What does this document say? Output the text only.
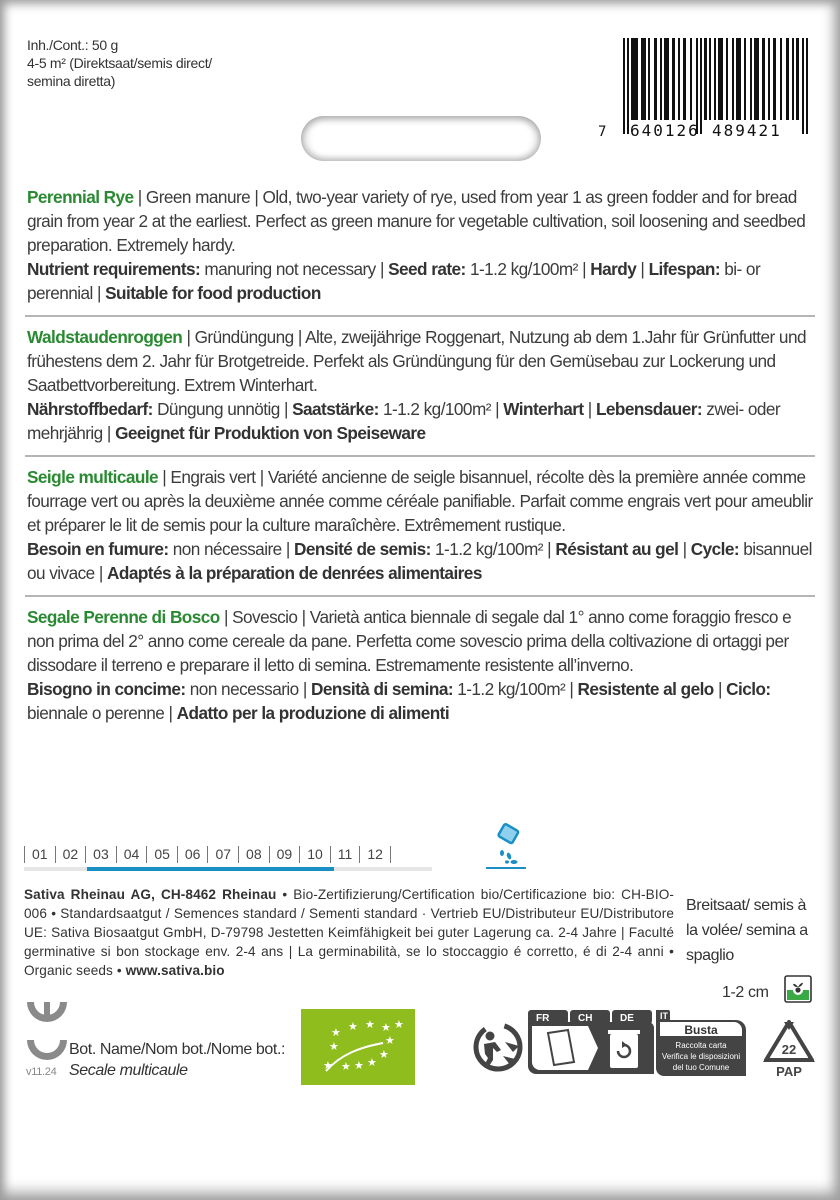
Inh./Cont.: 50 g
4-5 m² (Direktsaat/semis direct/
semina diretta)
7 640126 489421
Perennial Rye | Green manure | Old, two-year variety of rye, used from year 1 as green fodder and for bread grain from year 2 at the earliest. Perfect as green manure for vegetable cultivation, soil loosening and seedbed preparation. Extremely hardy.
Nutrient requirements: manuring not necessary | Seed rate: 1-1.2 kg/100m² | Hardy | Lifespan: bi- or perennial | Suitable for food production
Waldstaudenroggen | Gründüngung | Alte, zweijährige Roggenart, Nutzung ab dem 1.Jahr für Grünfutter und frühestens dem 2. Jahr für Brotgetreide. Perfekt als Gründüngung für den Gemüsebau zur Lockerung und Saatbettvorbereitung. Extrem Winterhart.
Nährstoffbedarf: Düngung unnötig | Saatstärke: 1-1.2 kg/100m² | Winterhart | Lebensdauer: zwei- oder mehrjährig | Geeignet für Produktion von Speiseware
Seigle multicaule | Engrais vert | Variété ancienne de seigle bisannuel, récolte dès la première année comme fourrage vert ou après la deuxième année comme céréale panifiable. Parfait comme engrais vert pour ameublir et préparer le lit de semis pour la culture maraîchère. Extrêmement rustique.
Besoin en fumure: non nécessaire | Densité de semis: 1-1.2 kg/100m² | Résistant au gel | Cycle: bisannuel ou vivace | Adaptés à la préparation de denrées alimentaires
Segale Perenne di Bosco | Sovescio | Varietà antica biennale di segale dal 1° anno come foraggio fresco e non prima del 2° anno come cereale da pane. Perfetta come sovescio prima della coltivazione di ortaggi per dissodare il terreno e preparare il letto di semina. Estremamente resistente all’inverno.
Bisogno in concime: non necessario | Densità di semina: 1-1.2 kg/100m² | Resistente al gelo | Ciclo: biennale o perenne | Adatto per la produzione di alimenti
01	02	03	04	05	06	07	08	09	10	11	12
Sativa Rheinau AG, CH-8462 Rheinau • Bio-Zertifizierung/Certification bio/Certificazione bio: CH-BIO-006 • Standardsaatgut / Semences standard / Sementi standard · Vertrieb EU/Distributeur EU/Distributore UE: Sativa Biosaatgut GmbH, D-79798 Jestetten Keimfähigkeit bei guter Lagerung ca. 2-4 Jahre | Faculté germinative si bon stockage env. 2-4 ans | La germinabilità, se lo stoccaggio é corretto, é di 2-4 anni • Organic seeds • www.sativa.bio
Breitsaat/ semis à la volée/ semina a spaglio
1-2 cm
v11.24
Bot. Name/Nom bot./Nome bot.:
Secale multicaule
★ ★ ★ ★ ★
★	★
★
★
★
★
★
FR	CH	DE	IT
Busta
Raccolta carta
Verifica le disposizioni
del tuo Comune
22
PAP
